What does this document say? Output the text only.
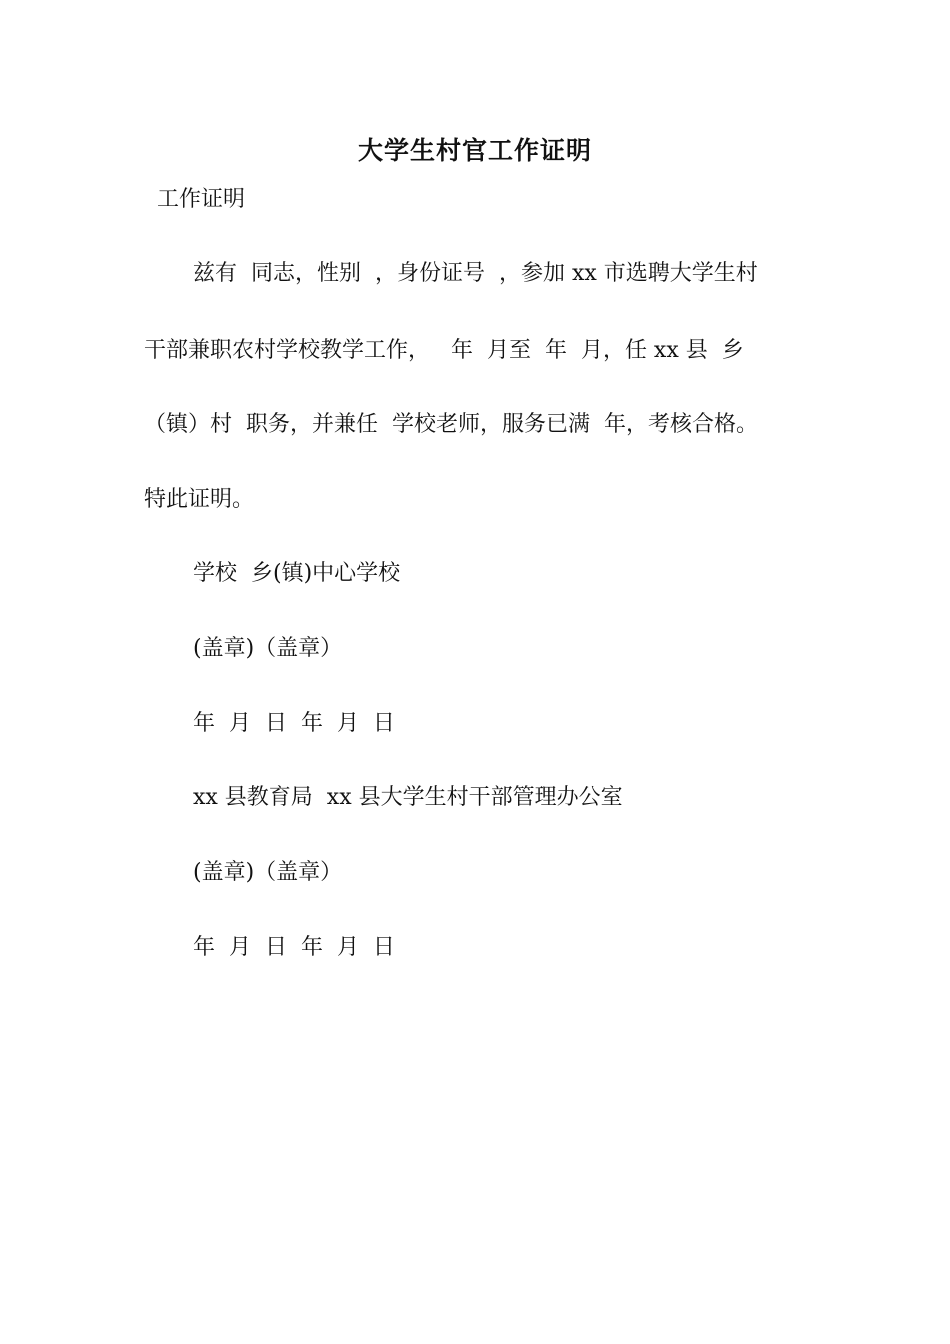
大学生村官工作证明
工作证明
兹有  同志，性别  ，身份证号  ，参加 xx 市选聘大学生村
干部兼职农村学校教学工作，   年  月至  年  月，任 xx 县  乡
（镇）村  职务，并兼任  学校老师，服务已满  年，考核合格。
特此证明。
学校  乡(镇)中心学校
(盖章)（盖章）
年  月  日  年  月  日
xx 县教育局  xx 县大学生村干部管理办公室
(盖章)（盖章）
年  月  日  年  月  日
